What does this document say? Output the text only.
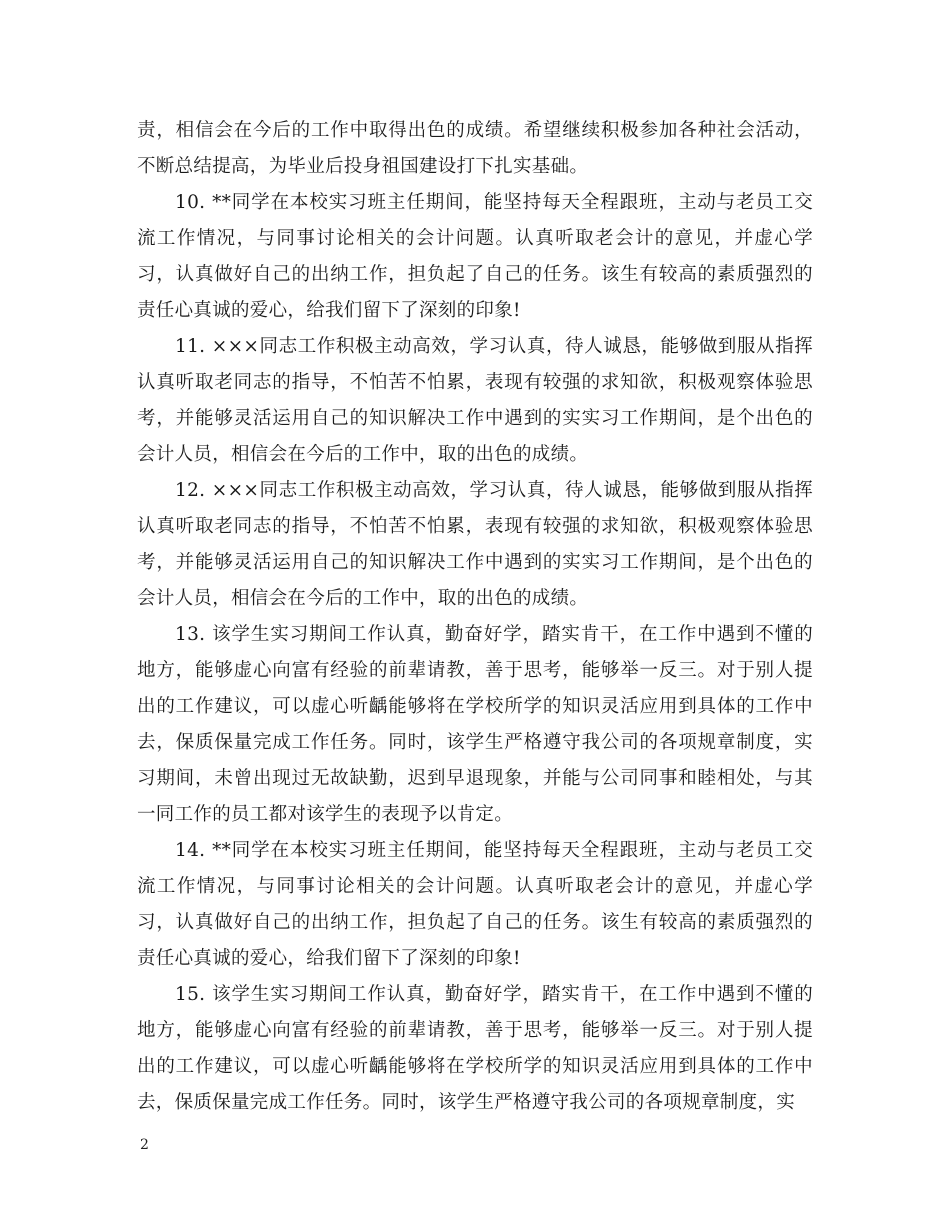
责，相信会在今后的工作中取得出色的成绩。希望继续积极参加各种社会活动，不断总结提高，为毕业后投身祖国建设打下扎实基础。

10. **同学在本校实习班主任期间，能坚持每天全程跟班，主动与老员工交流工作情况，与同事讨论相关的会计问题。认真听取老会计的意见，并虚心学习，认真做好自己的出纳工作，担负起了自己的任务。该生有较高的素质强烈的责任心真诚的爱心，给我们留下了深刻的印象!

11. ×××同志工作积极主动高效，学习认真，待人诚恳，能够做到服从指挥认真听取老同志的指导，不怕苦不怕累，表现有较强的求知欲，积极观察体验思考，并能够灵活运用自己的知识解决工作中遇到的实实习工作期间，是个出色的会计人员，相信会在今后的工作中，取的出色的成绩。

12. ×××同志工作积极主动高效，学习认真，待人诚恳，能够做到服从指挥认真听取老同志的指导，不怕苦不怕累，表现有较强的求知欲，积极观察体验思考，并能够灵活运用自己的知识解决工作中遇到的实实习工作期间，是个出色的会计人员，相信会在今后的工作中，取的出色的成绩。

13. 该学生实习期间工作认真，勤奋好学，踏实肯干，在工作中遇到不懂的地方，能够虚心向富有经验的前辈请教，善于思考，能够举一反三。对于别人提出的工作建议，可以虚心听齲能够将在学校所学的知识灵活应用到具体的工作中去，保质保量完成工作任务。同时，该学生严格遵守我公司的各项规章制度，实习期间，未曾出现过无故缺勤，迟到早退现象，并能与公司同事和睦相处，与其一同工作的员工都对该学生的表现予以肯定。

14. **同学在本校实习班主任期间，能坚持每天全程跟班，主动与老员工交流工作情况，与同事讨论相关的会计问题。认真听取老会计的意见，并虚心学习，认真做好自己的出纳工作，担负起了自己的任务。该生有较高的素质强烈的责任心真诚的爱心，给我们留下了深刻的印象!

15. 该学生实习期间工作认真，勤奋好学，踏实肯干，在工作中遇到不懂的地方，能够虚心向富有经验的前辈请教，善于思考，能够举一反三。对于别人提出的工作建议，可以虚心听齲能够将在学校所学的知识灵活应用到具体的工作中去，保质保量完成工作任务。同时，该学生严格遵守我公司的各项规章制度，实

2
